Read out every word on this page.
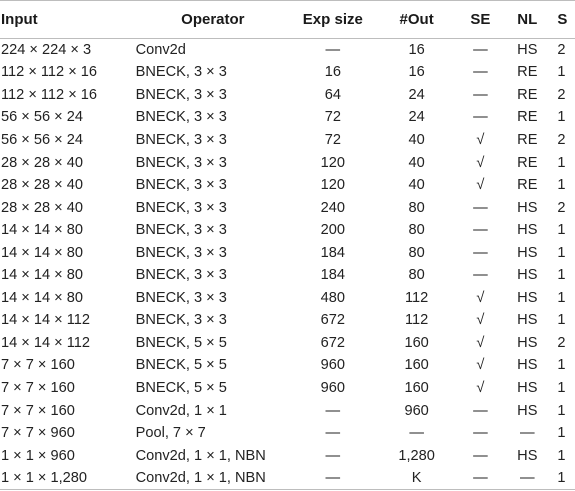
Input	Operator	Exp size	#Out	SE	NL	S
224 × 224 × 3	Conv2d	—	16	—	HS	2
112 × 112 × 16	BNECK, 3 × 3	16	16	—	RE	1
112 × 112 × 16	BNECK, 3 × 3	64	24	—	RE	2
56 × 56 × 24	BNECK, 3 × 3	72	24	—	RE	1
56 × 56 × 24	BNECK, 3 × 3	72	40	√	RE	2
28 × 28 × 40	BNECK, 3 × 3	120	40	√	RE	1
28 × 28 × 40	BNECK, 3 × 3	120	40	√	RE	1
28 × 28 × 40	BNECK, 3 × 3	240	80	—	HS	2
14 × 14 × 80	BNECK, 3 × 3	200	80	—	HS	1
14 × 14 × 80	BNECK, 3 × 3	184	80	—	HS	1
14 × 14 × 80	BNECK, 3 × 3	184	80	—	HS	1
14 × 14 × 80	BNECK, 3 × 3	480	112	√	HS	1
14 × 14 × 112	BNECK, 3 × 3	672	112	√	HS	1
14 × 14 × 112	BNECK, 5 × 5	672	160	√	HS	2
7 × 7 × 160	BNECK, 5 × 5	960	160	√	HS	1
7 × 7 × 160	BNECK, 5 × 5	960	160	√	HS	1
7 × 7 × 160	Conv2d, 1 × 1	—	960	—	HS	1
7 × 7 × 960	Pool, 7 × 7	—	—	—	—	1
1 × 1 × 960	Conv2d, 1 × 1, NBN	—	1,280	—	HS	1
1 × 1 × 1,280	Conv2d, 1 × 1, NBN	—	K	—	—	1
